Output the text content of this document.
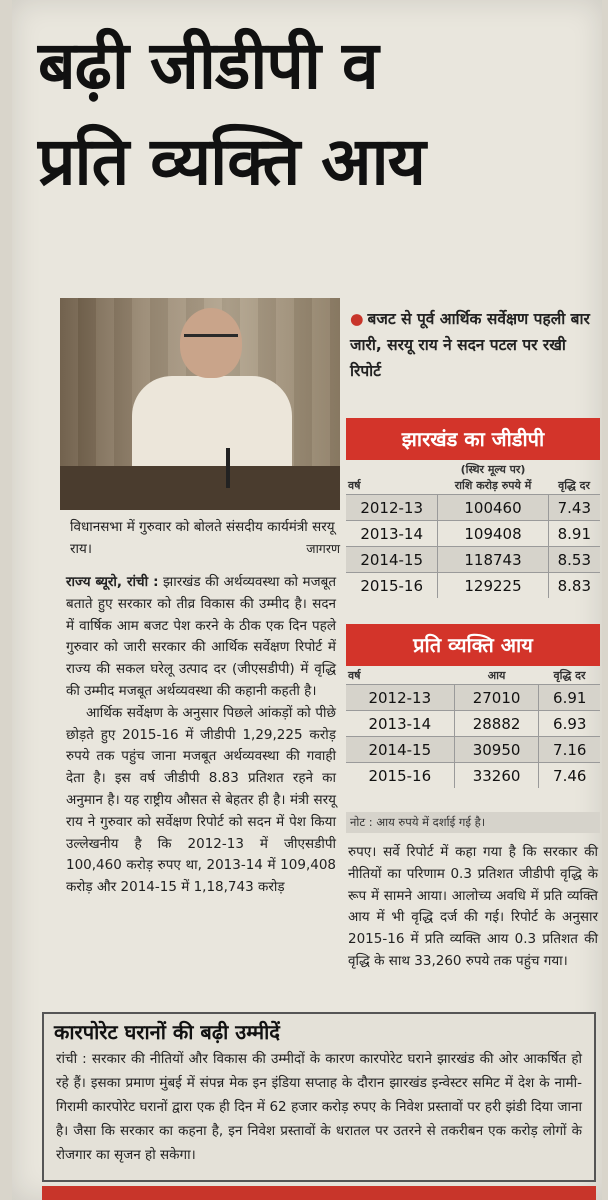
बढ़ी जीडीपी व
प्रति व्यक्ति आय
विधानसभा में गुरुवार को बोलते संसदीय कार्यमंत्री सरयू राय।	जागरण
● बजट से पूर्व आर्थिक सर्वेक्षण पहली बार जारी, सरयू राय ने सदन पटल पर रखी रिपोर्ट
झारखंड का जीडीपी
	(स्थिर मूल्य पर)	
वर्ष	राशि करोड़ रुपये में	वृद्धि दर
2012-13	100460	7.43
2013-14	109408	8.91
2014-15	118743	8.53
2015-16	129225	8.83
प्रति व्यक्ति आय
वर्ष	आय	वृद्धि दर
2012-13	27010	6.91
2013-14	28882	6.93
2014-15	30950	7.16
2015-16	33260	7.46
नोट : आय रुपये में दर्शाई गई है।

राज्य ब्यूरो, रांची : झारखंड की अर्थव्यवस्था को मजबूत बताते हुए सरकार को तीव्र विकास की उम्मीद है। सदन में वार्षिक आम बजट पेश करने के ठीक एक दिन पहले गुरुवार को जारी सरकार की आर्थिक सर्वेक्षण रिपोर्ट में राज्य की सकल घरेलू उत्पाद दर (जीएसडीपी) में वृद्धि की उम्मीद मजबूत अर्थव्यवस्था की कहानी कहती है।

आर्थिक सर्वेक्षण के अनुसार पिछले आंकड़ों को पीछे छोड़ते हुए 2015-16 में जीडीपी 1,29,225 करोड़ रुपये तक पहुंच जाना मजबूत अर्थव्यवस्था की गवाही देता है। इस वर्ष जीडीपी 8.83 प्रतिशत रहने का अनुमान है। यह राष्ट्रीय औसत से बेहतर ही है। मंत्री सरयू राय ने गुरुवार को सर्वेक्षण रिपोर्ट को सदन में पेश किया उल्लेखनीय है कि 2012-13 में जीएसडीपी 100,460 करोड़ रुपए था, 2013-14 में 109,408 करोड़ और 2014-15 में 1,18,743 करोड़

रुपए। सर्वे रिपोर्ट में कहा गया है कि सरकार की नीतियों का परिणाम 0.3 प्रतिशत जीडीपी वृद्धि के रूप में सामने आया। आलोच्य अवधि में प्रति व्यक्ति आय में भी वृद्धि दर्ज की गई। रिपोर्ट के अनुसार 2015-16 में प्रति व्यक्ति आय 0.3 प्रतिशत की वृद्धि के साथ 33,260 रुपये तक पहुंच गया।

कारपोरेट घरानों की बढ़ी उम्मीदें
रांची : सरकार की नीतियों और विकास की उम्मीदों के कारण कारपोरेट घराने झारखंड की ओर आकर्षित हो रहे हैं। इसका प्रमाण मुंबई में संपन्न मेक इन इंडिया सप्ताह के दौरान झारखंड इन्वेस्टर समिट में देश के नामी-गिरामी कारपोरेट घरानों द्वारा एक ही दिन में 62 हजार करोड़ रुपए के निवेश प्रस्तावों पर हरी झंडी दिया जाना है। जैसा कि सरकार का कहना है, इन निवेश प्रस्तावों के धरातल पर उतरने से तकरीबन एक करोड़ लोगों के रोजगार का सृजन हो सकेगा।
